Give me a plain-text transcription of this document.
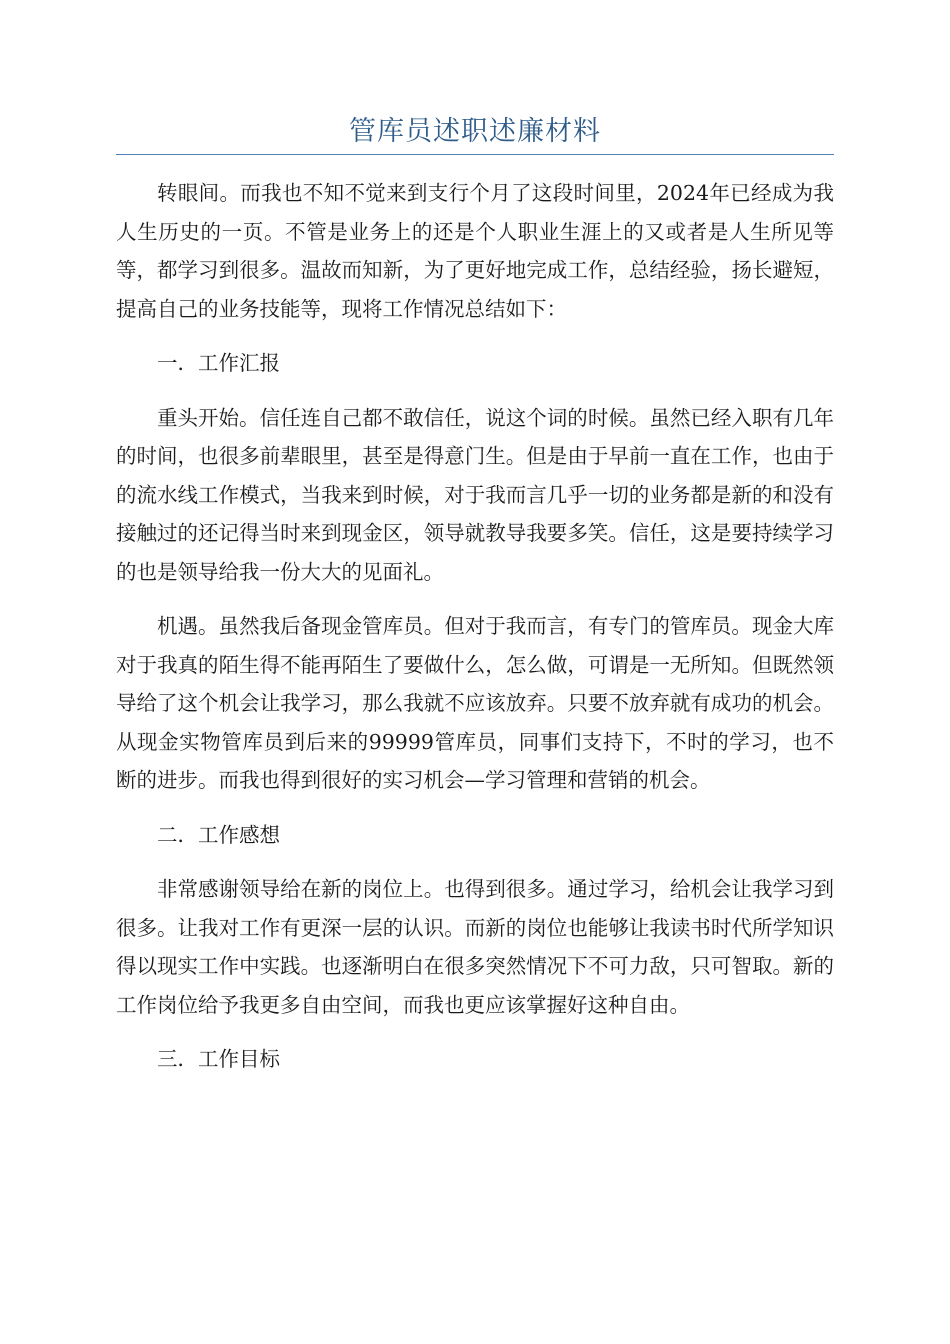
管库员述职述廉材料

转眼间。而我也不知不觉来到支行个月了这段时间里，2024年已经成为我人生历史的一页。不管是业务上的还是个人职业生涯上的又或者是人生所见等等，都学习到很多。温故而知新，为了更好地完成工作，总结经验，扬长避短，提高自己的业务技能等，现将工作情况总结如下：

一．工作汇报

重头开始。信任连自己都不敢信任，说这个词的时候。虽然已经入职有几年的时间，也很多前辈眼里，甚至是得意门生。但是由于早前一直在工作，也由于的流水线工作模式，当我来到时候，对于我而言几乎一切的业务都是新的和没有接触过的还记得当时来到现金区，领导就教导我要多笑。信任，这是要持续学习的也是领导给我一份大大的见面礼。

机遇。虽然我后备现金管库员。但对于我而言，有专门的管库员。现金大库对于我真的陌生得不能再陌生了要做什么，怎么做，可谓是一无所知。但既然领导给了这个机会让我学习，那么我就不应该放弃。只要不放弃就有成功的机会。从现金实物管库员到后来的99999管库员，同事们支持下，不时的学习，也不断的进步。而我也得到很好的实习机会—学习管理和营销的机会。

二．工作感想

非常感谢领导给在新的岗位上。也得到很多。通过学习，给机会让我学习到很多。让我对工作有更深一层的认识。而新的岗位也能够让我读书时代所学知识得以现实工作中实践。也逐渐明白在很多突然情况下不可力敌，只可智取。新的工作岗位给予我更多自由空间，而我也更应该掌握好这种自由。

三．工作目标
